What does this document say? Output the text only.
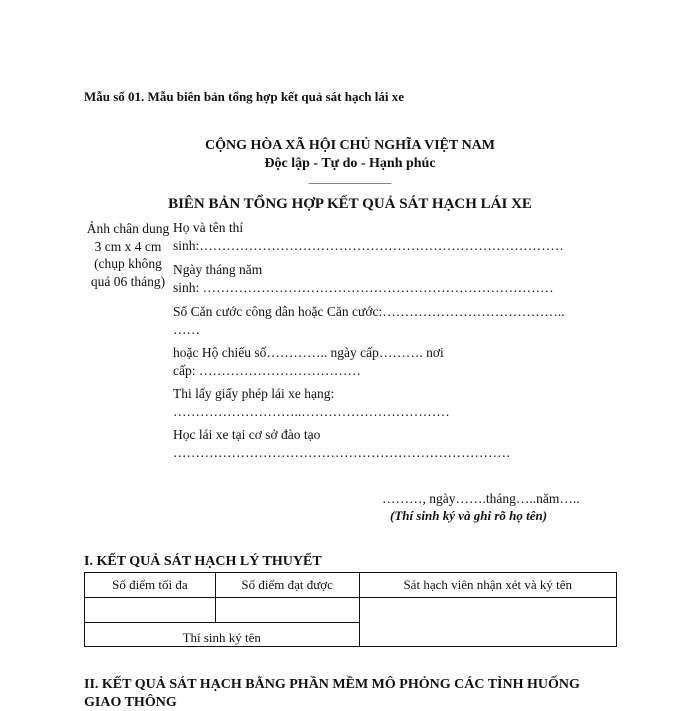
Mẫu số 01. Mẫu biên bản tổng hợp kết quả sát hạch lái xe
CỘNG HÒA XÃ HỘI CHỦ NGHĨA VIỆT NAM
Độc lập - Tự do - Hạnh phúc
_______________
BIÊN BẢN TỔNG HỢP KẾT QUẢ SÁT HẠCH LÁI XE
Ảnh chân dung 3 cm x 4 cm (chụp không quá 06 tháng)
Họ và tên thí
sinh:………………………………………………………………………
Ngày tháng năm
sinh: ……………………………………………………………………
Số Căn cước công dân hoặc Căn cước:…………………………………..
……
hoặc Hộ chiếu số………….. ngày cấp………. nơi
cấp: ………………………………
Thi lấy giấy phép lái xe hạng:
………………………..……………………………
Học lái xe tại cơ sở đào tạo
…………………………………………………………………
………, ngày…….tháng…..năm…..
(Thí sinh ký và ghi rõ họ tên)
I. KẾT QUẢ SÁT HẠCH LÝ THUYẾT
Số điểm tối đa	Số điểm đạt được	Sát hạch viên nhận xét và ký tên

Thí sinh ký tên		
II. KẾT QUẢ SÁT HẠCH BẰNG PHẦN MỀM MÔ PHỎNG CÁC TÌNH HUỐNG
GIAO THÔNG
